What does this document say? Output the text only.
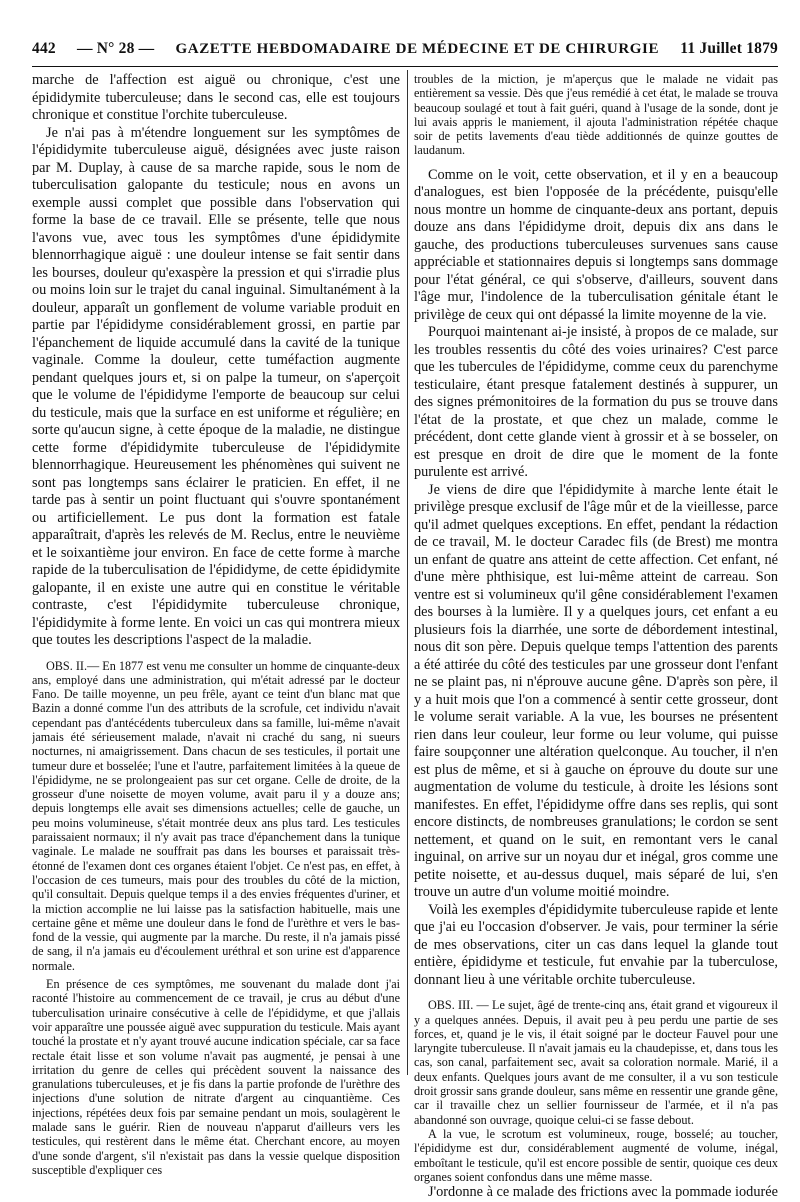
442 — N° 28 — GAZETTE HEBDOMADAIRE DE MÉDECINE ET DE CHIRURGIE 11 Juillet 1879

marche de l'affection est aiguë ou chronique, c'est une épididymite tuberculeuse; dans le second cas, elle est toujours chronique et constitue l'orchite tuberculeuse.

Je n'ai pas à m'étendre longuement sur les symptômes de l'épididymite tuberculeuse aiguë, désignées avec juste raison par M. Duplay, à cause de sa marche rapide, sous le nom de tuberculisation galopante du testicule; nous en avons un exemple aussi complet que possible dans l'observation qui forme la base de ce travail. Elle se présente, telle que nous l'avons vue, avec tous les symptômes d'une épididymite blennorrhagique aiguë : une douleur intense se fait sentir dans les bourses, douleur qu'exaspère la pression et qui s'irradie plus ou moins loin sur le trajet du canal inguinal. Simultanément à la douleur, apparaît un gonflement de volume variable produit en partie par l'épididyme considérablement grossi, en partie par l'épanchement de liquide accumulé dans la cavité de la tunique vaginale. Comme la douleur, cette tuméfaction augmente pendant quelques jours et, si on palpe la tumeur, on s'aperçoit que le volume de l'épididyme l'emporte de beaucoup sur celui du testicule, mais que la surface en est uniforme et régulière; en sorte qu'aucun signe, à cette époque de la maladie, ne distingue cette forme d'épididymite tuberculeuse de l'épididymite blennorrhagique. Heureusement les phénomènes qui suivent ne sont pas longtemps sans éclairer le praticien. En effet, il ne tarde pas à sentir un point fluctuant qui s'ouvre spontanément ou artificiellement. Le pus dont la formation est fatale apparaîtrait, d'après les relevés de M. Reclus, entre le neuvième et le soixantième jour environ. En face de cette forme à marche rapide de la tuberculisation de l'épididyme, de cette épididymite galopante, il en existe une autre qui en constitue le véritable contraste, c'est l'épididymite tuberculeuse chronique, l'épididymite à forme lente. En voici un cas qui montrera mieux que toutes les descriptions l'aspect de la maladie.

OBS. II.— En 1877 est venu me consulter un homme de cinquante-deux ans, employé dans une administration, qui m'était adressé par le docteur Fano. De taille moyenne, un peu frêle, ayant ce teint d'un blanc mat que Bazin a donné comme l'un des attributs de la scrofule, cet individu n'avait cependant pas d'antécédents tuberculeux dans sa famille, lui-même n'avait jamais été sérieusement malade, n'avait ni craché du sang, ni sueurs nocturnes, ni amaigrissement. Dans chacun de ses testicules, il portait une tumeur dure et bosselée; l'une et l'autre, parfaitement limitées à la queue de l'épididyme, ne se prolongeaient pas sur cet organe. Celle de droite, de la grosseur d'une noisette de moyen volume, avait paru il y a douze ans; depuis longtemps elle avait ses dimensions actuelles; celle de gauche, un peu moins volumineuse, s'était montrée deux ans plus tard. Les testicules paraissaient normaux; il n'y avait pas trace d'épanchement dans la tunique vaginale. Le malade ne souffrait pas dans les bourses et paraissait très-étonné de l'examen dont ces organes étaient l'objet. Ce n'est pas, en effet, à l'occasion de ces tumeurs, mais pour des troubles du côté de la miction, qu'il consultait. Depuis quelque temps il a des envies fréquentes d'uriner, et la miction accomplie ne lui laisse pas la satisfaction habituelle, mais une certaine gêne et même une douleur dans le fond de l'urèthre et vers le bas-fond de la vessie, qui augmente par la marche. Du reste, il n'a jamais pissé de sang, il n'a jamais eu d'écoulement uréthral et son urine est d'apparence normale.

En présence de ces symptômes, me souvenant du malade dont j'ai raconté l'histoire au commencement de ce travail, je crus au début d'une tuberculisation urinaire consécutive à celle de l'épididyme, et que j'allais voir apparaître une poussée aiguë avec suppuration du testicule. Mais ayant touché la prostate et n'y ayant trouvé aucune indication spéciale, car sa face rectale était lisse et son volume n'avait pas augmenté, je pensai à une irritation du genre de celles qui précèdent souvent la naissance des granulations tuberculeuses, et je fis dans la partie profonde de l'urèthre des injections d'une solution de nitrate d'argent au cinquantième. Ces injections, répétées deux fois par semaine pendant un mois, soulagèrent le malade sans le guérir. Rien de nouveau n'apparut d'ailleurs vers les testicules, qui restèrent dans le même état. Cherchant encore, au moyen d'une sonde d'argent, s'il n'existait pas dans la vessie quelque disposition susceptible d'expliquer ces

troubles de la miction, je m'aperçus que le malade ne vidait pas entièrement sa vessie. Dès que j'eus remédié à cet état, le malade se trouva beaucoup soulagé et tout à fait guéri, quand à l'usage de la sonde, dont je lui avais appris le maniement, il ajouta l'administration répétée chaque soir de petits lavements d'eau tiède additionnés de quinze gouttes de laudanum.

Comme on le voit, cette observation, et il y en a beaucoup d'analogues, est bien l'opposée de la précédente, puisqu'elle nous montre un homme de cinquante-deux ans portant, depuis douze ans dans l'épididyme droit, depuis dix ans dans le gauche, des productions tuberculeuses survenues sans cause appréciable et stationnaires depuis si longtemps sans dommage pour l'état général, ce qui s'observe, d'ailleurs, souvent dans l'âge mur, l'indolence de la tuberculisation génitale étant le privilège de ceux qui ont dépassé la limite moyenne de la vie.

Pourquoi maintenant ai-je insisté, à propos de ce malade, sur les troubles ressentis du côté des voies urinaires? C'est parce que les tubercules de l'épididyme, comme ceux du parenchyme testiculaire, étant presque fatalement destinés à suppurer, un des signes prémonitoires de la formation du pus se trouve dans l'état de la prostate, et que chez un malade, comme le précédent, dont cette glande vient à grossir et à se bosseler, on est presque en droit de dire que le moment de la fonte purulente est arrivé.

Je viens de dire que l'épididymite à marche lente était le privilège presque exclusif de l'âge mûr et de la vieillesse, parce qu'il admet quelques exceptions. En effet, pendant la rédaction de ce travail, M. le docteur Caradec fils (de Brest) me montra un enfant de quatre ans atteint de cette affection. Cet enfant, né d'une mère phthisique, est lui-même atteint de carreau. Son ventre est si volumineux qu'il gêne considérablement l'examen des bourses à la lumière. Il y a quelques jours, cet enfant a eu plusieurs fois la diarrhée, une sorte de débordement intestinal, nous dit son père. Depuis quelque temps l'attention des parents a été attirée du côté des testicules par une grosseur dont l'enfant ne se plaint pas, ni n'éprouve aucune gêne. D'après son père, il y a huit mois que l'on a commencé à sentir cette grosseur, dont le volume serait variable. A la vue, les bourses ne présentent rien dans leur couleur, leur forme ou leur volume, qui puisse faire soupçonner une altération quelconque. Au toucher, il n'en est plus de même, et si à gauche on éprouve du doute sur une augmentation de volume du testicule, à droite les lésions sont manifestes. En effet, l'épididyme offre dans ses replis, qui sont encore distincts, de nombreuses granulations; le cordon se sent nettement, et quand on le suit, en remontant vers le canal inguinal, on arrive sur un noyau dur et inégal, gros comme une petite noisette, et au-dessus duquel, mais séparé de lui, s'en trouve un autre d'un volume moitié moindre.

Voilà les exemples d'épididymite tuberculeuse rapide et lente que j'ai eu l'occasion d'observer. Je vais, pour terminer la série de mes observations, citer un cas dans lequel la glande tout entière, épididyme et testicule, fut envahie par la tuberculose, donnant lieu à une véritable orchite tuberculeuse.

OBS. III. — Le sujet, âgé de trente-cinq ans, était grand et vigoureux il y a quelques années. Depuis, il avait peu à peu perdu une partie de ses forces, et, quand je le vis, il était soigné par le docteur Fauvel pour une laryngite tuberculeuse. Il n'avait jamais eu la chaudepisse, et, dans tous les cas, son canal, parfaitement sec, avait sa coloration normale. Marié, il a deux enfants. Quelques jours avant de me consulter, il a vu son testicule droit grossir sans grande douleur, sans même en ressentir une grande gêne, car il travaille chez un sellier fournisseur de l'armée, et il n'a pas abandonné son ouvrage, quoique celui-ci se fasse debout.

A la vue, le scrotum est volumineux, rouge, bosselé; au toucher, l'épididyme est dur, considérablement augmenté de volume, inégal, emboîtant le testicule, qu'il est encore possible de sentir, quoique ces deux organes soient confondus dans une même masse.

J'ordonne à ce malade des frictions avec la pommade iodurée
